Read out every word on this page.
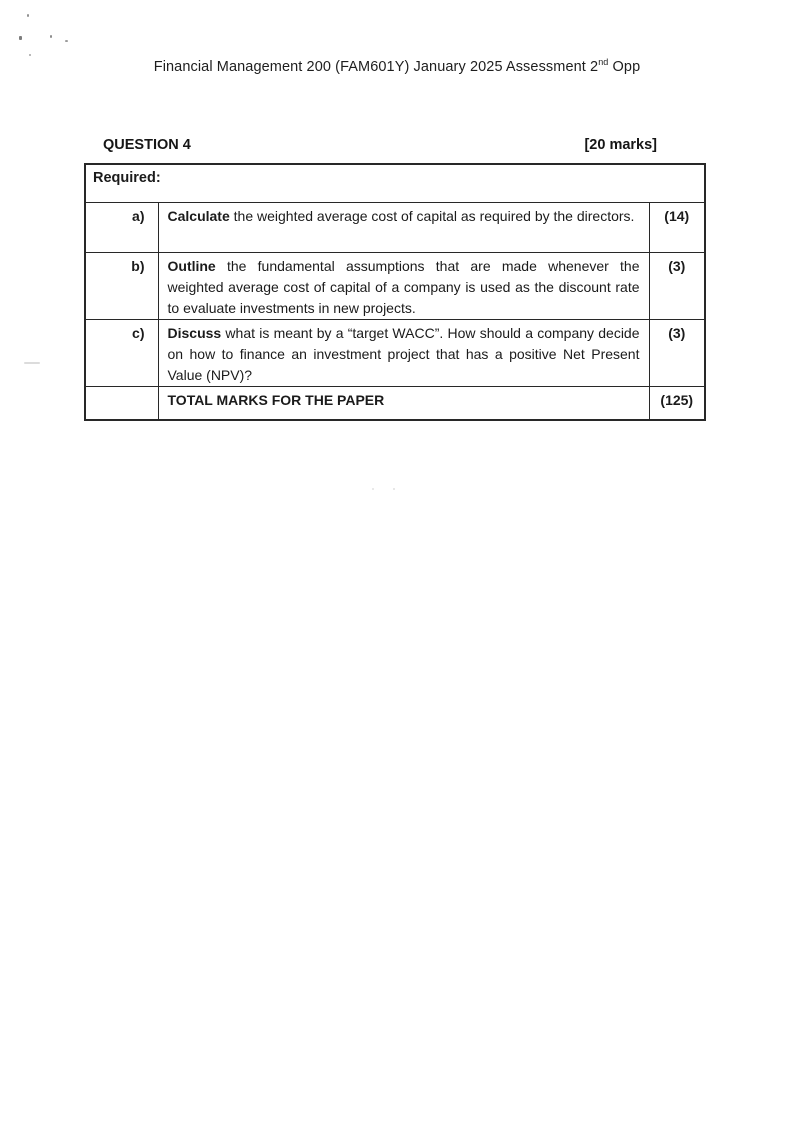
Financial Management 200 (FAM601Y) January 2025 Assessment 2nd Opp
QUESTION 4	[20 marks]
Required:		
a)	Calculate the weighted average cost of capital as required by the directors.	(14)
b)	Outline the fundamental assumptions that are made whenever the weighted average cost of capital of a company is used as the discount rate to evaluate investments in new projects.	(3)
c)	Discuss what is meant by a “target WACC”. How should a company decide on how to finance an investment project that has a positive Net Present Value (NPV)?	(3)
	TOTAL MARKS FOR THE PAPER	(125)
